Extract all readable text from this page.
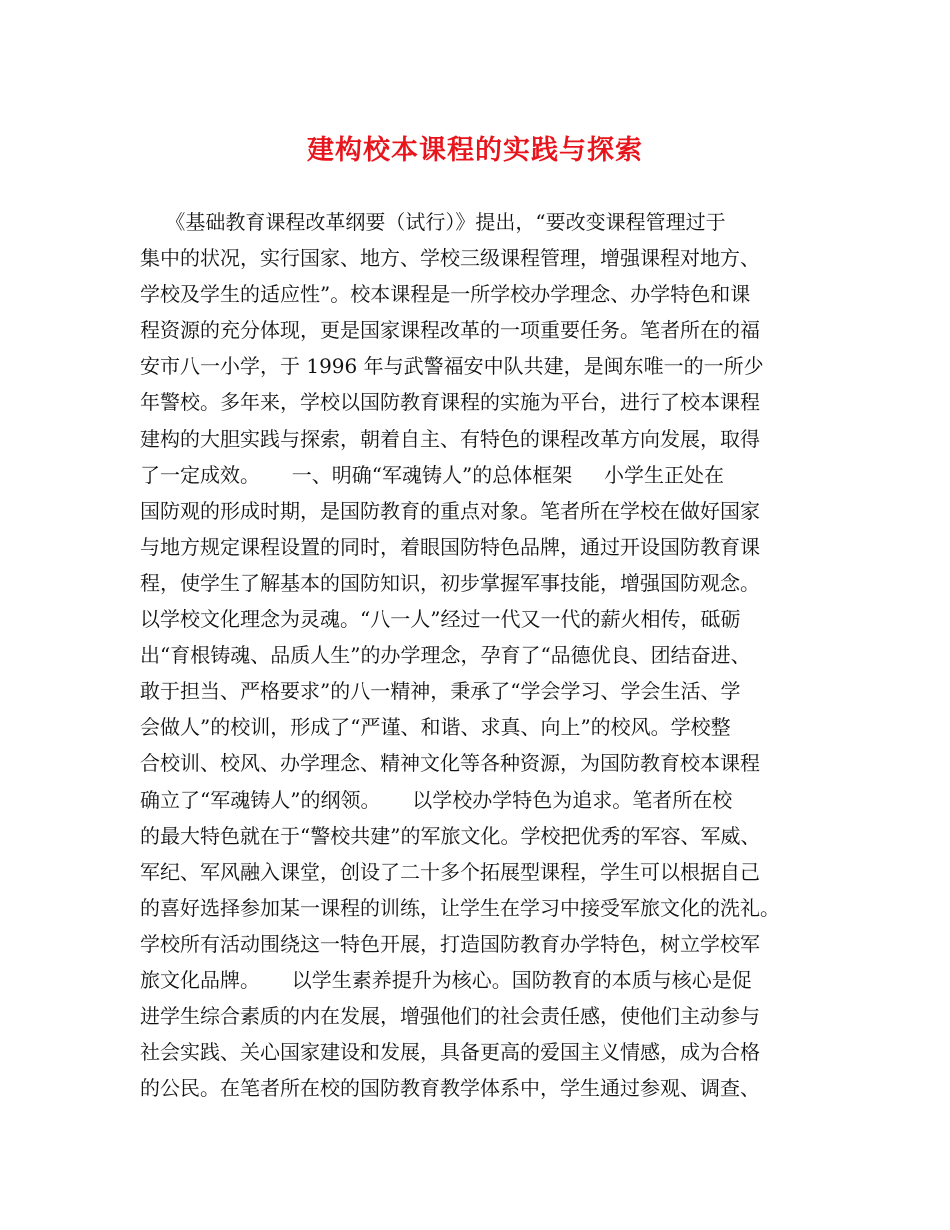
建构校本课程的实践与探索
《基础教育课程改革纲要（试行）》提出，“要改变课程管理过于
集中的状况，实行国家、地方、学校三级课程管理，增强课程对地方、
学校及学生的适应性”。校本课程是一所学校办学理念、办学特色和课
程资源的充分体现，更是国家课程改革的一项重要任务。笔者所在的福
安市八一小学，于 1996 年与武警福安中队共建，是闽东唯一的一所少
年警校。多年来，学校以国防教育课程的实施为平台，进行了校本课程
建构的大胆实践与探索，朝着自主、有特色的课程改革方向发展，取得
了一定成效。     一、明确“军魂铸人”的总体框架     小学生正处在
国防观的形成时期，是国防教育的重点对象。笔者所在学校在做好国家
与地方规定课程设置的同时，着眼国防特色品牌，通过开设国防教育课
程，使学生了解基本的国防知识，初步掌握军事技能，增强国防观念。
以学校文化理念为灵魂。“八一人”经过一代又一代的薪火相传，砥砺
出“育根铸魂、品质人生”的办学理念，孕育了“品德优良、团结奋进、
敢于担当、严格要求”的八一精神，秉承了“学会学习、学会生活、学
会做人”的校训，形成了“严谨、和谐、求真、向上”的校风。学校整
合校训、校风、办学理念、精神文化等各种资源，为国防教育校本课程
确立了“军魂铸人”的纲领。     以学校办学特色为追求。笔者所在校
的最大特色就在于“警校共建”的军旅文化。学校把优秀的军容、军威、
军纪、军风融入课堂，创设了二十多个拓展型课程，学生可以根据自己
的喜好选择参加某一课程的训练，让学生在学习中接受军旅文化的洗礼。
学校所有活动围绕这一特色开展，打造国防教育办学特色，树立学校军
旅文化品牌。     以学生素养提升为核心。国防教育的本质与核心是促
进学生综合素质的内在发展，增强他们的社会责任感，使他们主动参与
社会实践、关心国家建设和发展，具备更高的爱国主义情感，成为合格
的公民。在笔者所在校的国防教育教学体系中，学生通过参观、调查、
